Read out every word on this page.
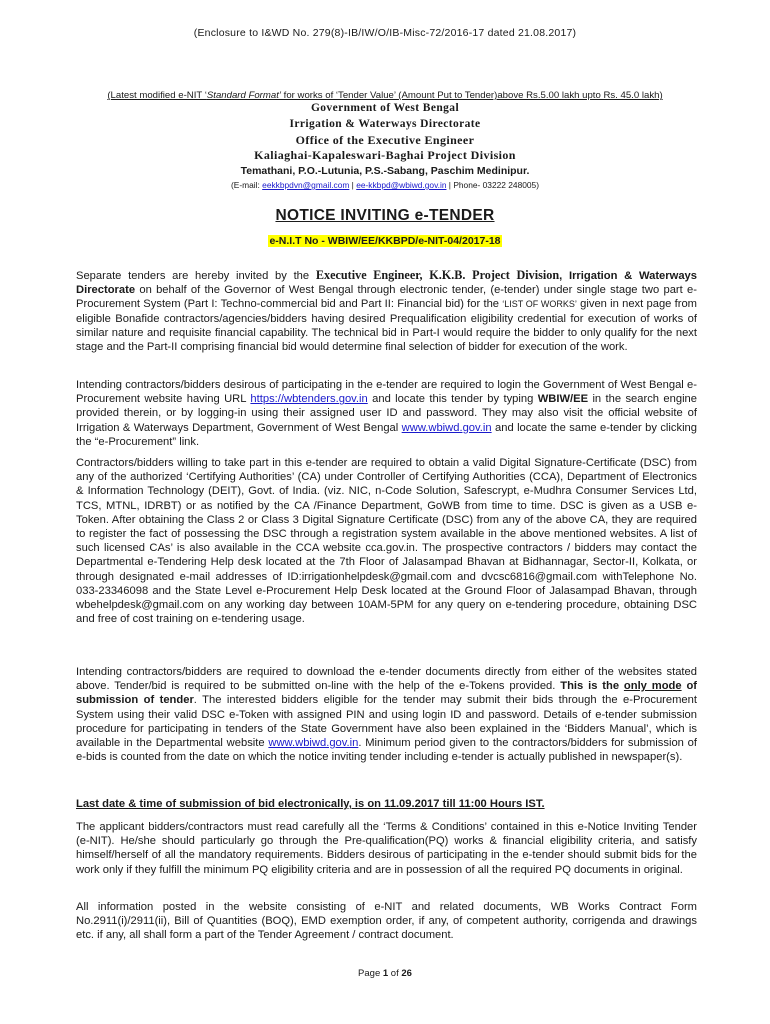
(Enclosure to I&WD No. 279(8)-IB/IW/O/IB-Misc-72/2016-17 dated 21.08.2017)
(Latest modified e-NIT ‘Standard Format’ for works of ‘Tender Value’ (Amount Put to Tender)above Rs.5.00 lakh upto Rs. 45.0 lakh)
Government of West Bengal
Irrigation & Waterways Directorate
Office of the Executive Engineer
Kaliaghai-Kapaleswari-Baghai Project Division
Temathani, P.O.-Lutunia, P.S.-Sabang, Paschim Medinipur.
(E-mail: eekkbpdvn@gmail.com | ee-kkbpd@wbiwd.gov.in | Phone- 03222 248005)
NOTICE INVITING e-TENDER
e-N.I.T No - WBIW/EE/KKBPD/e-NIT-04/2017-18
Separate tenders are hereby invited by the Executive Engineer, K.K.B. Project Division, Irrigation & Waterways Directorate on behalf of the Governor of West Bengal through electronic tender, (e-tender) under single stage two part e-Procurement System (Part I: Techno-commercial bid and Part II: Financial bid) for the ‘LIST OF WORKS’ given in next page from eligible Bonafide contractors/agencies/bidders having desired Prequalification eligibility credential for execution of works of similar nature and requisite financial capability. The technical bid in Part-I would require the bidder to only qualify for the next stage and the Part-II comprising financial bid would determine final selection of bidder for execution of the work.
Intending contractors/bidders desirous of participating in the e-tender are required to login the Government of West Bengal e-Procurement website having URL https://wbtenders.gov.in and locate this tender by typing WBIW/EE in the search engine provided therein, or by logging-in using their assigned user ID and password. They may also visit the official website of Irrigation & Waterways Department, Government of West Bengal www.wbiwd.gov.in and locate the same e-tender by clicking the “e-Procurement” link.
Contractors/bidders willing to take part in this e-tender are required to obtain a valid Digital Signature-Certificate (DSC) from any of the authorized ‘Certifying Authorities’ (CA) under Controller of Certifying Authorities (CCA), Department of Electronics & Information Technology (DEIT), Govt. of India. (viz. NIC, n-Code Solution, Safescrypt, e-Mudhra Consumer Services Ltd, TCS, MTNL, IDRBT) or as notified by the CA /Finance Department, GoWB from time to time. DSC is given as a USB e-Token. After obtaining the Class 2 or Class 3 Digital Signature Certificate (DSC) from any of the above CA, they are required to register the fact of possessing the DSC through a registration system available in the above mentioned websites. A list of such licensed CAs’ is also available in the CCA website cca.gov.in. The prospective contractors / bidders may contact the Departmental e-Tendering Help desk located at the 7th Floor of Jalasampad Bhavan at Bidhannagar, Sector-II, Kolkata, or through designated e-mail addresses of ID:irrigationhelpdesk@gmail.com and dvcsc6816@gmail.com withTelephone No. 033-23346098 and the State Level e-Procurement Help Desk located at the Ground Floor of Jalasampad Bhavan, through wbehelpdesk@gmail.com on any working day between 10AM-5PM for any query on e-tendering procedure, obtaining DSC and free of cost training on e-tendering usage.
Intending contractors/bidders are required to download the e-tender documents directly from either of the websites stated above. Tender/bid is required to be submitted on-line with the help of the e-Tokens provided. This is the only mode of submission of tender. The interested bidders eligible for the tender may submit their bids through the e-Procurement System using their valid DSC e-Token with assigned PIN and using login ID and password. Details of e-tender submission procedure for participating in tenders of the State Government have also been explained in the ‘Bidders Manual’, which is available in the Departmental website www.wbiwd.gov.in. Minimum period given to the contractors/bidders for submission of e-bids is counted from the date on which the notice inviting tender including e-tender is actually published in newspaper(s).
Last date & time of submission of bid electronically, is on 11.09.2017 till 11:00 Hours IST.
The applicant bidders/contractors must read carefully all the ‘Terms & Conditions’ contained in this e-Notice Inviting Tender (e-NIT). He/she should particularly go through the Pre-qualification(PQ) works & financial eligibility criteria, and satisfy himself/herself of all the mandatory requirements. Bidders desirous of participating in the e-tender should submit bids for the work only if they fulfill the minimum PQ eligibility criteria and are in possession of all the required PQ documents in original.
All information posted in the website consisting of e-NIT and related documents, WB Works Contract Form No.2911(i)/2911(ii), Bill of Quantities (BOQ), EMD exemption order, if any, of competent authority, corrigenda and drawings etc. if any, all shall form a part of the Tender Agreement / contract document.
Page 1 of 26
